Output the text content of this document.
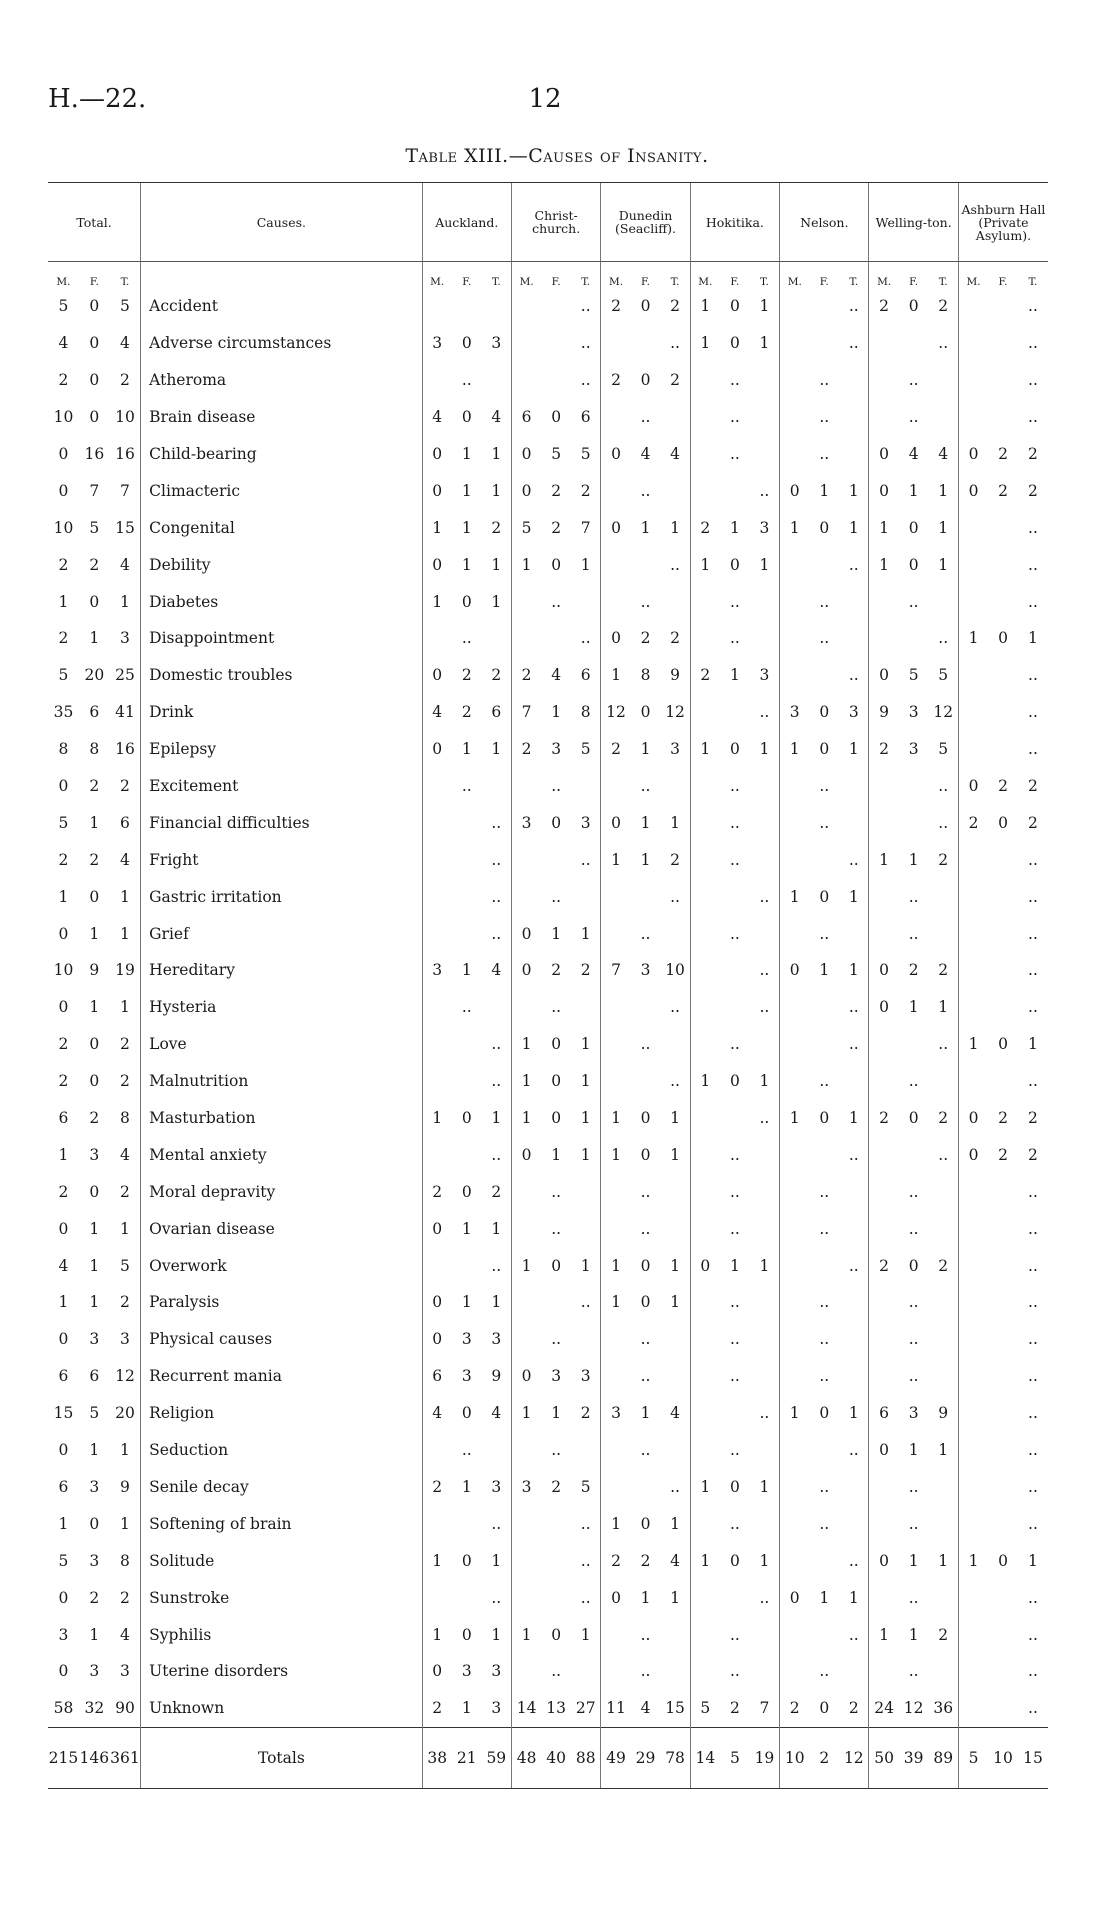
H.—22.	12
Table XIII.—Causes of Insanity.
Total.			Causes.	Auckland.			Christ-church.			Dunedin (Seacliff).			Hokitika.			Nelson.			Welling-ton.			Ashburn Hall (Private Asylum).		
M.	F.	T.		M.	F.	T.	M.	F.	T.	M.	F.	T.	M.	F.	T.	M.	F.	T.	M.	F.	T.	M.	F.	T.
5	0	5	Accident						..	2	0	2	1	0	1			..	2	0	2			..
4	0	4	Adverse circumstances	3	0	3			..			..	1	0	1			..			..			..
2	0	2	Atheroma		..				..	2	0	2		..			..			..				..
10	0	10	Brain disease	4	0	4	6	0	6		..			..			..			..				..
0	16	16	Child-bearing	0	1	1	0	5	5	0	4	4		..			..		0	4	4	0	2	2
0	7	7	Climacteric	0	1	1	0	2	2		..				..	0	1	1	0	1	1	0	2	2
10	5	15	Congenital	1	1	2	5	2	7	0	1	1	2	1	3	1	0	1	1	0	1			..
2	2	4	Debility	0	1	1	1	0	1			..	1	0	1			..	1	0	1			..
1	0	1	Diabetes	1	0	1		..			..			..			..			..				..
2	1	3	Disappointment		..				..	0	2	2		..			..				..	1	0	1
5	20	25	Domestic troubles	0	2	2	2	4	6	1	8	9	2	1	3			..	0	5	5			..
35	6	41	Drink	4	2	6	7	1	8	12	0	12			..	3	0	3	9	3	12			..
8	8	16	Epilepsy	0	1	1	2	3	5	2	1	3	1	0	1	1	0	1	2	3	5			..
0	2	2	Excitement		..			..			..			..			..				..	0	2	2
5	1	6	Financial difficulties			..	3	0	3	0	1	1		..			..				..	2	0	2
2	2	4	Fright			..			..	1	1	2		..				..	1	1	2			..
1	0	1	Gastric irritation			..		..				..			..	1	0	1		..				..
0	1	1	Grief			..	0	1	1		..			..			..			..				..
10	9	19	Hereditary	3	1	4	0	2	2	7	3	10			..	0	1	1	0	2	2			..
0	1	1	Hysteria		..			..				..			..			..	0	1	1			..
2	0	2	Love			..	1	0	1		..			..				..			..	1	0	1
2	0	2	Malnutrition			..	1	0	1			..	1	0	1		..			..				..
6	2	8	Masturbation	1	0	1	1	0	1	1	0	1			..	1	0	1	2	0	2	0	2	2
1	3	4	Mental anxiety			..	0	1	1	1	0	1		..				..			..	0	2	2
2	0	2	Moral depravity	2	0	2		..			..			..			..			..				..
0	1	1	Ovarian disease	0	1	1		..			..			..			..			..				..
4	1	5	Overwork			..	1	0	1	1	0	1	0	1	1			..	2	0	2			..
1	1	2	Paralysis	0	1	1			..	1	0	1		..			..			..				..
0	3	3	Physical causes	0	3	3		..			..			..			..			..				..
6	6	12	Recurrent mania	6	3	9	0	3	3		..			..			..			..				..
15	5	20	Religion	4	0	4	1	1	2	3	1	4			..	1	0	1	6	3	9			..
0	1	1	Seduction		..			..			..			..				..	0	1	1			..
6	3	9	Senile decay	2	1	3	3	2	5			..	1	0	1		..			..				..
1	0	1	Softening of brain			..			..	1	0	1		..			..			..				..
5	3	8	Solitude	1	0	1			..	2	2	4	1	0	1			..	0	1	1	1	0	1
0	2	2	Sunstroke			..			..	0	1	1			..	0	1	1		..				..
3	1	4	Syphilis	1	0	1	1	0	1		..			..				..	1	1	2			..
0	3	3	Uterine disorders	0	3	3		..			..			..			..			..				..
58	32	90	Unknown	2	1	3	14	13	27	11	4	15	5	2	7	2	0	2	24	12	36			..
215	146	361	Totals	38	21	59	48	40	88	49	29	78	14	5	19	10	2	12	50	39	89	5	10	15
